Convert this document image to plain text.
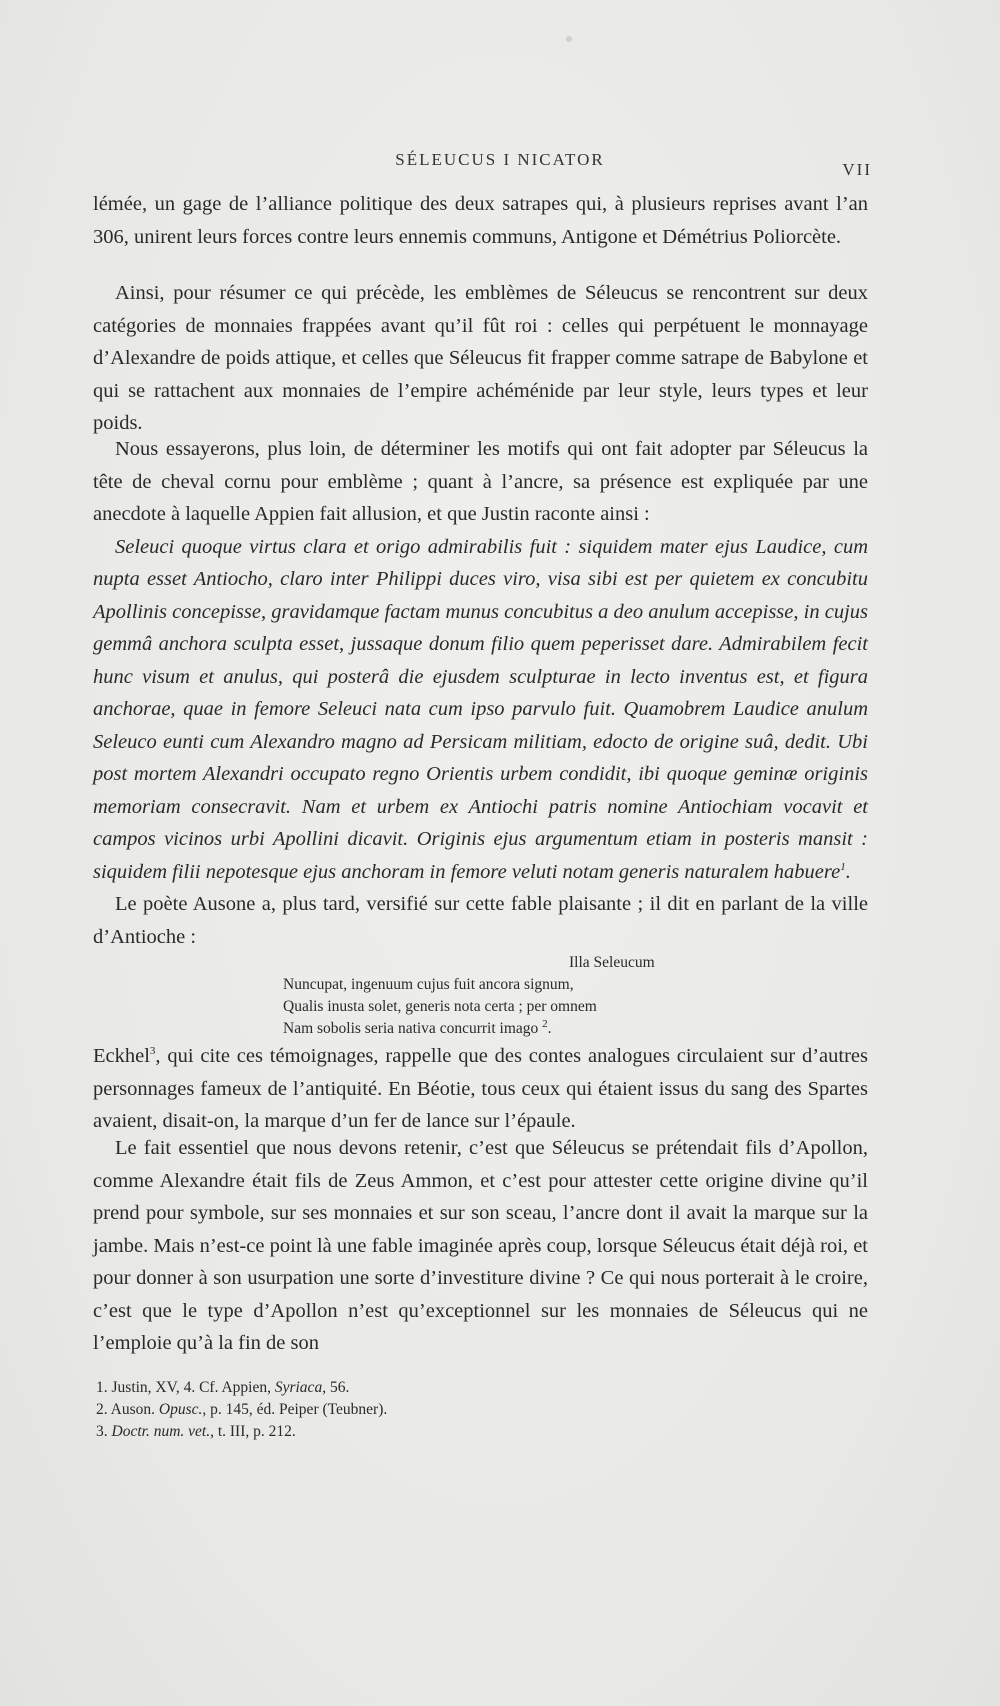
SÉLEUCUS I NICATOR
VII

lémée, un gage de l’alliance politique des deux satrapes qui, à plusieurs reprises avant l’an 306, unirent leurs forces contre leurs ennemis communs, Antigone et Démétrius Poliorcète.

Ainsi, pour résumer ce qui précède, les emblèmes de Séleucus se rencontrent sur deux catégories de monnaies frappées avant qu’il fût roi : celles qui perpétuent le monnayage d’Alexandre de poids attique, et celles que Séleucus fit frapper comme satrape de Babylone et qui se rattachent aux monnaies de l’empire achéménide par leur style, leurs types et leur poids.

Nous essayerons, plus loin, de déterminer les motifs qui ont fait adopter par Séleucus la tête de cheval cornu pour emblème ; quant à l’ancre, sa présence est expliquée par une anecdote à laquelle Appien fait allusion, et que Justin raconte ainsi :

Seleuci quoque virtus clara et origo admirabilis fuit : siquidem mater ejus Laudice, cum nupta esset Antiocho, claro inter Philippi duces viro, visa sibi est per quietem ex concubitu Apollinis concepisse, gravidamque factam munus concubitus a deo anulum accepisse, in cujus gemmâ anchora sculpta esset, jussaque donum filio quem peperisset dare. Admirabilem fecit hunc visum et anulus, qui posterâ die ejusdem sculpturae in lecto inventus est, et figura anchorae, quae in femore Seleuci nata cum ipso parvulo fuit. Quamobrem Laudice anulum Seleuco eunti cum Alexandro magno ad Persicam militiam, edocto de origine suâ, dedit. Ubi post mortem Alexandri occupato regno Orientis urbem condidit, ibi quoque geminæ originis memoriam consecravit. Nam et urbem ex Antiochi patris nomine Antiochiam vocavit et campos vicinos urbi Apollini dicavit. Originis ejus argumentum etiam in posteris mansit : siquidem filii nepotesque ejus anchoram in femore veluti notam generis naturalem habuere$^1$.

Le poète Ausone a, plus tard, versifié sur cette fable plaisante ; il dit en parlant de la ville d’Antioche :

Illa Seleucum
Nuncupat, ingenuum cujus fuit ancora signum,
Qualis inusta solet, generis nota certa ; per omnem
Nam sobolis seria nativa concurrit imago $^2$.

Eckhel$^3$, qui cite ces témoignages, rappelle que des contes analogues circulaient sur d’autres personnages fameux de l’antiquité. En Béotie, tous ceux qui étaient issus du sang des Spartes avaient, disait-on, la marque d’un fer de lance sur l’épaule.

Le fait essentiel que nous devons retenir, c’est que Séleucus se prétendait fils d’Apollon, comme Alexandre était fils de Zeus Ammon, et c’est pour attester cette origine divine qu’il prend pour symbole, sur ses monnaies et sur son sceau, l’ancre dont il avait la marque sur la jambe. Mais n’est-ce point là une fable imaginée après coup, lorsque Séleucus était déjà roi, et pour donner à son usurpation une sorte d’investiture divine ? Ce qui nous porterait à le croire, c’est que le type d’Apollon n’est qu’exceptionnel sur les monnaies de Séleucus qui ne l’emploie qu’à la fin de son

1. Justin, XV, 4. Cf. Appien, Syriaca, 56.
2. Auson. Opusc., p. 145, éd. Peiper (Teubner).
3. Doctr. num. vet., t. III, p. 212.
